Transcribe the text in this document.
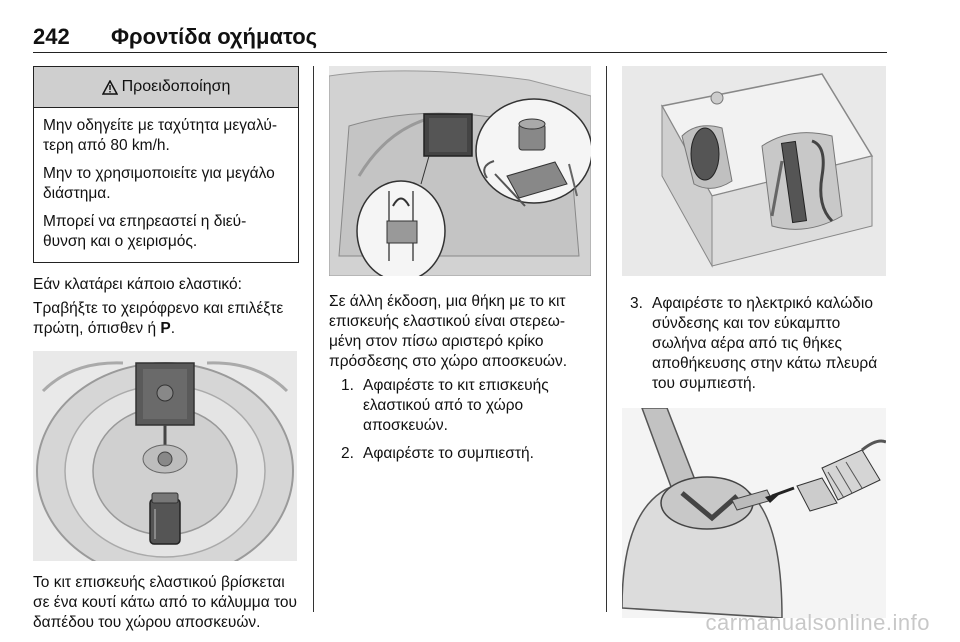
242 Φροντίδα οχήματος
Προειδοποίηση

Μην οδηγείτε με ταχύτητα μεγαλύ-
τερη από 80 km/h.

Μην το χρησιμοποιείτε για μεγάλο
διάστημα.

Μπορεί να επηρεαστεί η διεύ-
θυνση και ο χειρισμός.

Εάν κλατάρει κάποιο ελαστικό:

Τραβήξτε το χειρόφρενο και επιλέξτε
πρώτη, όπισθεν ή P.

Το κιτ επισκευής ελαστικού βρίσκεται
σε ένα κουτί κάτω από το κάλυμμα του
δαπέδου του χώρου αποσκευών.

Σε άλλη έκδοση, μια θήκη με το κιτ
επισκευής ελαστικού είναι στερεω-
μένη στον πίσω αριστερό κρίκο
πρόσδεσης στο χώρο αποσκευών.

1. Αφαιρέστε το κιτ επισκευής
ελαστικού από το χώρο
αποσκευών.
2. Αφαιρέστε το συμπιεστή.
3. Αφαιρέστε το ηλεκτρικό καλώδιο
σύνδεσης και τον εύκαμπτο
σωλήνα αέρα από τις θήκες
αποθήκευσης στην κάτω πλευρά
του συμπιεστή.
carmanualsonline.info
